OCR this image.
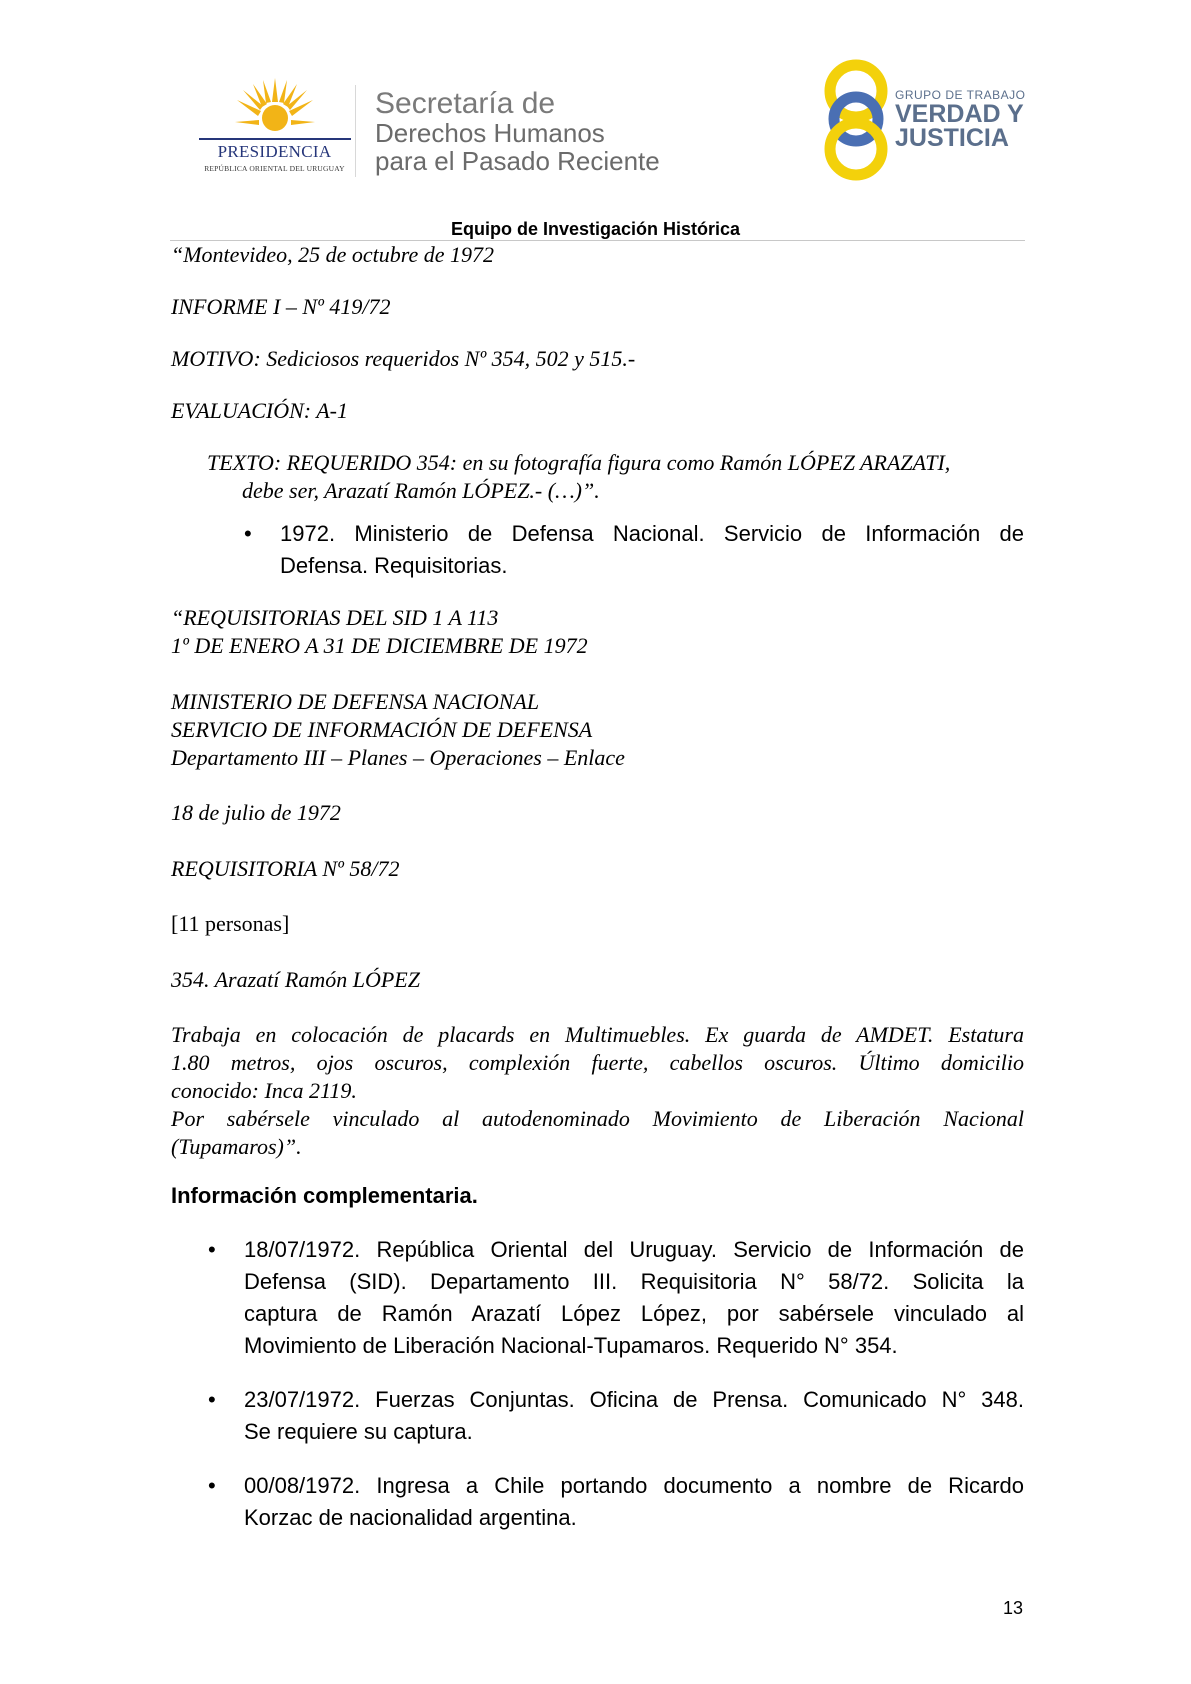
PRESIDENCIA
REPÚBLICA ORIENTAL DEL URUGUAY
Secretaría de
Derechos Humanos
para el Pasado Reciente
GRUPO DE TRABAJO
VERDAD Y
JUSTICIA
Equipo de Investigación Histórica
“Montevideo, 25 de octubre de 1972
INFORME I – Nº 419/72
MOTIVO: Sediciosos requeridos Nº 354, 502 y 515.-
EVALUACIÓN: A-1
TEXTO: REQUERIDO 354: en su fotografía figura como Ramón LÓPEZ ARAZATI,
debe ser, Arazatí Ramón LÓPEZ.- (…)”.
• 1972. Ministerio de Defensa Nacional. Servicio de Información de
Defensa. Requisitorias.
“REQUISITORIAS DEL SID 1 A 113
1º DE ENERO A 31 DE DICIEMBRE DE 1972
MINISTERIO DE DEFENSA NACIONAL
SERVICIO DE INFORMACIÓN DE DEFENSA
Departamento III – Planes – Operaciones – Enlace
18 de julio de 1972
REQUISITORIA Nº 58/72
[11 personas]
354. Arazatí Ramón LÓPEZ
Trabaja en colocación de placards en Multimuebles. Ex guarda de AMDET. Estatura
1.80 metros, ojos oscuros, complexión fuerte, cabellos oscuros. Último domicilio
conocido: Inca 2119.
Por sabérsele vinculado al autodenominado Movimiento de Liberación Nacional
(Tupamaros)”.
Información complementaria.
• 18/07/1972. República Oriental del Uruguay. Servicio de Información de
Defensa (SID). Departamento III. Requisitoria N° 58/72. Solicita la
captura de Ramón Arazatí López López, por sabérsele vinculado al
Movimiento de Liberación Nacional-Tupamaros. Requerido N° 354.
• 23/07/1972. Fuerzas Conjuntas. Oficina de Prensa. Comunicado N° 348.
Se requiere su captura.
• 00/08/1972. Ingresa a Chile portando documento a nombre de Ricardo
Korzac de nacionalidad argentina.
13
